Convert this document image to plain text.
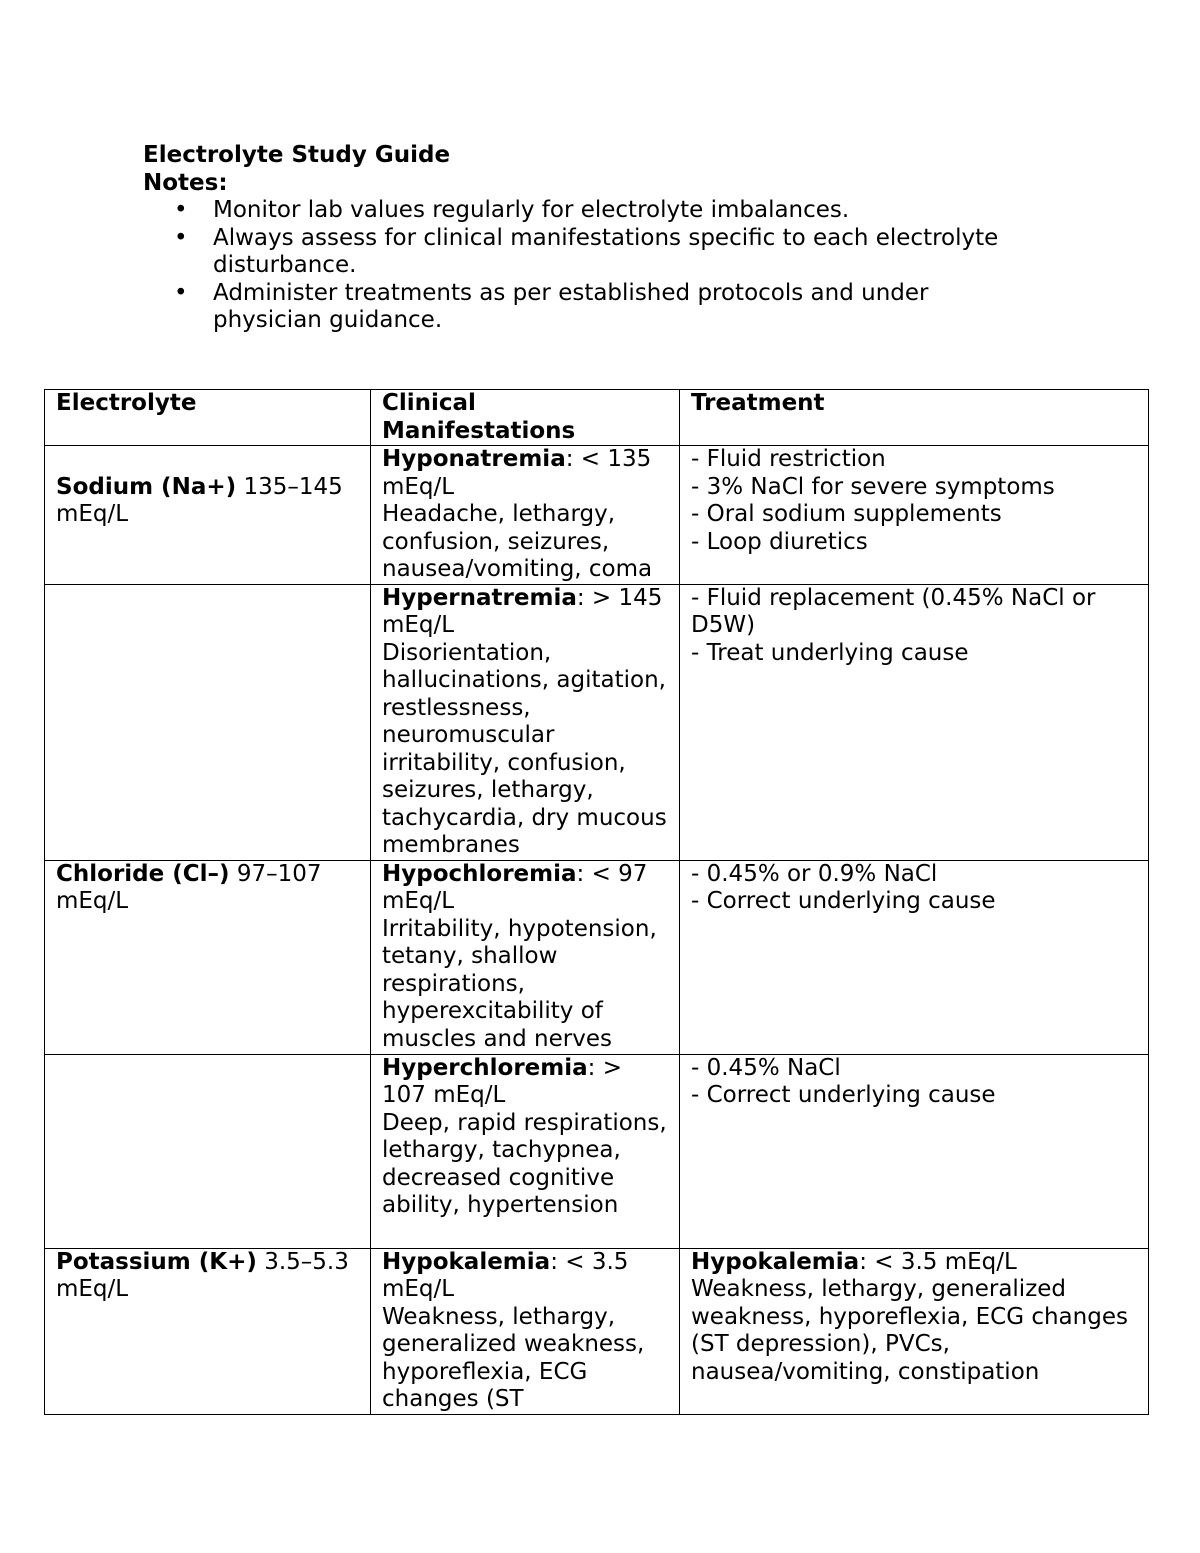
Electrolyte Study Guide
Notes:
• Monitor lab values regularly for electrolyte imbalances.
• Always assess for clinical manifestations specific to each electrolyte disturbance.
• Administer treatments as per established protocols and under physician guidance.
Electrolyte	Clinical Manifestations	Treatment

Sodium (Na+) 135–145 mEq/L	Hyponatremia: < 135 mEq/L
Headache, lethargy, confusion, seizures, nausea/vomiting, coma	- Fluid restriction
- 3% NaCl for severe symptoms
- Oral sodium supplements
- Loop diuretics

	Hypernatremia: > 145 mEq/L
Disorientation, hallucinations, agitation, restlessness, neuromuscular irritability, confusion, seizures, lethargy, tachycardia, dry mucous membranes	- Fluid replacement (0.45% NaCl or D5W)
- Treat underlying cause

Chloride (Cl–) 97–107 mEq/L	Hypochloremia: < 97 mEq/L
Irritability, hypotension, tetany, shallow respirations, hyperexcitability of muscles and nerves	- 0.45% or 0.9% NaCl
- Correct underlying cause

	Hyperchloremia: > 107 mEq/L
Deep, rapid respirations, lethargy, tachypnea, decreased cognitive ability, hypertension	- 0.45% NaCl
- Correct underlying cause

Potassium (K+) 3.5–5.3 mEq/L	Hypokalemia: < 3.5 mEq/L
Weakness, lethargy, generalized weakness, hyporeflexia, ECG changes (ST	Hypokalemia: < 3.5 mEq/L
Weakness, lethargy, generalized weakness, hyporeflexia, ECG changes (ST depression), PVCs, nausea/vomiting, constipation
